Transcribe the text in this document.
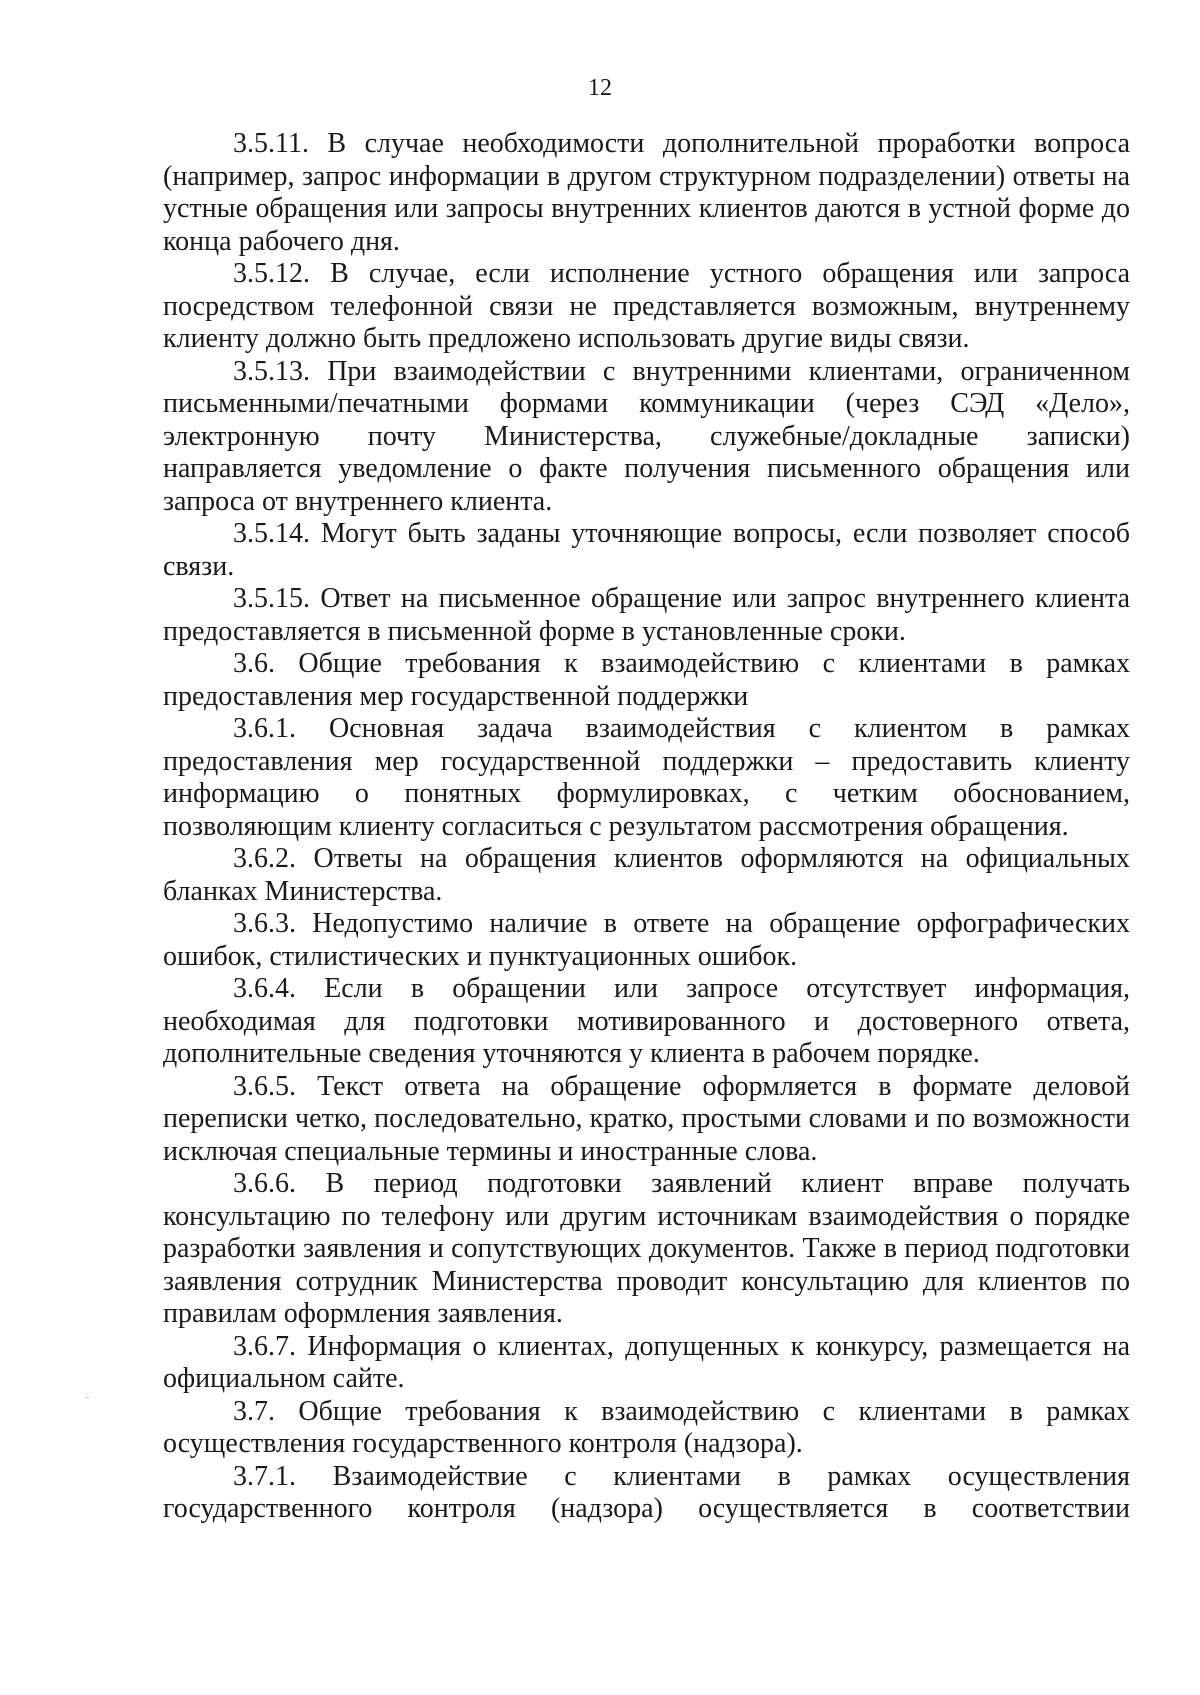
12

3.5.11. В случае необходимости дополнительной проработки вопроса (например, запрос информации в другом структурном подразделении) ответы на устные обращения или запросы внутренних клиентов даются в устной форме до конца рабочего дня.

3.5.12. В случае, если исполнение устного обращения или запроса посредством телефонной связи не представляется возможным, внутреннему клиенту должно быть предложено использовать другие виды связи.

3.5.13. При взаимодействии с внутренними клиентами, ограниченном письменными/печатными формами коммуникации (через СЭД «Дело», электронную почту Министерства, служебные/докладные записки) направляется уведомление о факте получения письменного обращения или запроса от внутреннего клиента.

3.5.14. Могут быть заданы уточняющие вопросы, если позволяет способ связи.

3.5.15. Ответ на письменное обращение или запрос внутреннего клиента предоставляется в письменной форме в установленные сроки.

3.6. Общие требования к взаимодействию с клиентами в рамках предоставления мер государственной поддержки

3.6.1. Основная задача взаимодействия с клиентом в рамках предоставления мер государственной поддержки – предоставить клиенту информацию о понятных формулировках, с четким обоснованием, позволяющим клиенту согласиться с результатом рассмотрения обращения.

3.6.2. Ответы на обращения клиентов оформляются на официальных бланках Министерства.

3.6.3. Недопустимо наличие в ответе на обращение орфографических ошибок, стилистических и пунктуационных ошибок.

3.6.4. Если в обращении или запросе отсутствует информация, необходимая для подготовки мотивированного и достоверного ответа, дополнительные сведения уточняются у клиента в рабочем порядке.

3.6.5. Текст ответа на обращение оформляется в формате деловой переписки четко, последовательно, кратко, простыми словами и по возможности исключая специальные термины и иностранные слова.

3.6.6. В период подготовки заявлений клиент вправе получать консультацию по телефону или другим источникам взаимодействия о порядке разработки заявления и сопутствующих документов. Также в период подготовки заявления сотрудник Министерства проводит консультацию для клиентов по правилам оформления заявления.

3.6.7. Информация о клиентах, допущенных к конкурсу, размещается на официальном сайте.

3.7. Общие требования к взаимодействию с клиентами в рамках осуществления государственного контроля (надзора).

3.7.1. Взаимодействие с клиентами в рамках осуществления государственного контроля (надзора) осуществляется в соответствии
